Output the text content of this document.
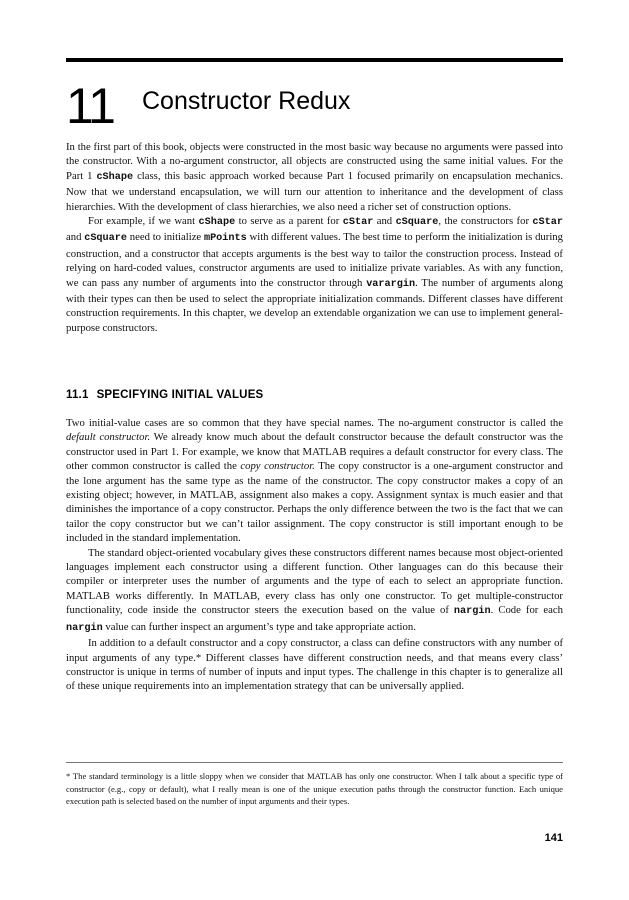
11 Constructor Redux

In the first part of this book, objects were constructed in the most basic way because no arguments were passed into the constructor. With a no-argument constructor, all objects are constructed using the same initial values. For the Part 1 cShape class, this basic approach worked because Part 1 focused primarily on encapsulation mechanics. Now that we understand encapsulation, we will turn our attention to inheritance and the development of class hierarchies. With the development of class hierarchies, we also need a richer set of construction options.

For example, if we want cShape to serve as a parent for cStar and cSquare, the constructors for cStar and cSquare need to initialize mPoints with different values. The best time to perform the initialization is during construction, and a constructor that accepts arguments is the best way to tailor the construction process. Instead of relying on hard-coded values, constructor arguments are used to initialize private variables. As with any function, we can pass any number of arguments into the constructor through varargin. The number of arguments along with their types can then be used to select the appropriate initialization commands. Different classes have different construction requirements. In this chapter, we develop an extendable organization we can use to implement general-purpose constructors.

11.1 SPECIFYING INITIAL VALUES

Two initial-value cases are so common that they have special names. The no-argument constructor is called the default constructor. We already know much about the default constructor because the default constructor was the constructor used in Part 1. For example, we know that MATLAB requires a default constructor for every class. The other common constructor is called the copy constructor. The copy constructor is a one-argument constructor and the lone argument has the same type as the name of the constructor. The copy constructor makes a copy of an existing object; however, in MATLAB, assignment also makes a copy. Assignment syntax is much easier and that diminishes the importance of a copy constructor. Perhaps the only difference between the two is the fact that we can tailor the copy constructor but we can’t tailor assignment. The copy constructor is still important enough to be included in the standard implementation.

The standard object-oriented vocabulary gives these constructors different names because most object-oriented languages implement each constructor using a different function. Other languages can do this because their compiler or interpreter uses the number of arguments and the type of each to select an appropriate function. MATLAB works differently. In MATLAB, every class has only one constructor. To get multiple-constructor functionality, code inside the constructor steers the execution based on the value of nargin. Code for each nargin value can further inspect an argument’s type and take appropriate action.

In addition to a default constructor and a copy constructor, a class can define constructors with any number of input arguments of any type.* Different classes have different construction needs, and that means every class’ constructor is unique in terms of number of inputs and input types. The challenge in this chapter is to generalize all of these unique requirements into an implementation strategy that can be universally applied.

* The standard terminology is a little sloppy when we consider that MATLAB has only one constructor. When I talk about a specific type of constructor (e.g., copy or default), what I really mean is one of the unique execution paths through the constructor function. Each unique execution path is selected based on the number of input arguments and their types.
141
